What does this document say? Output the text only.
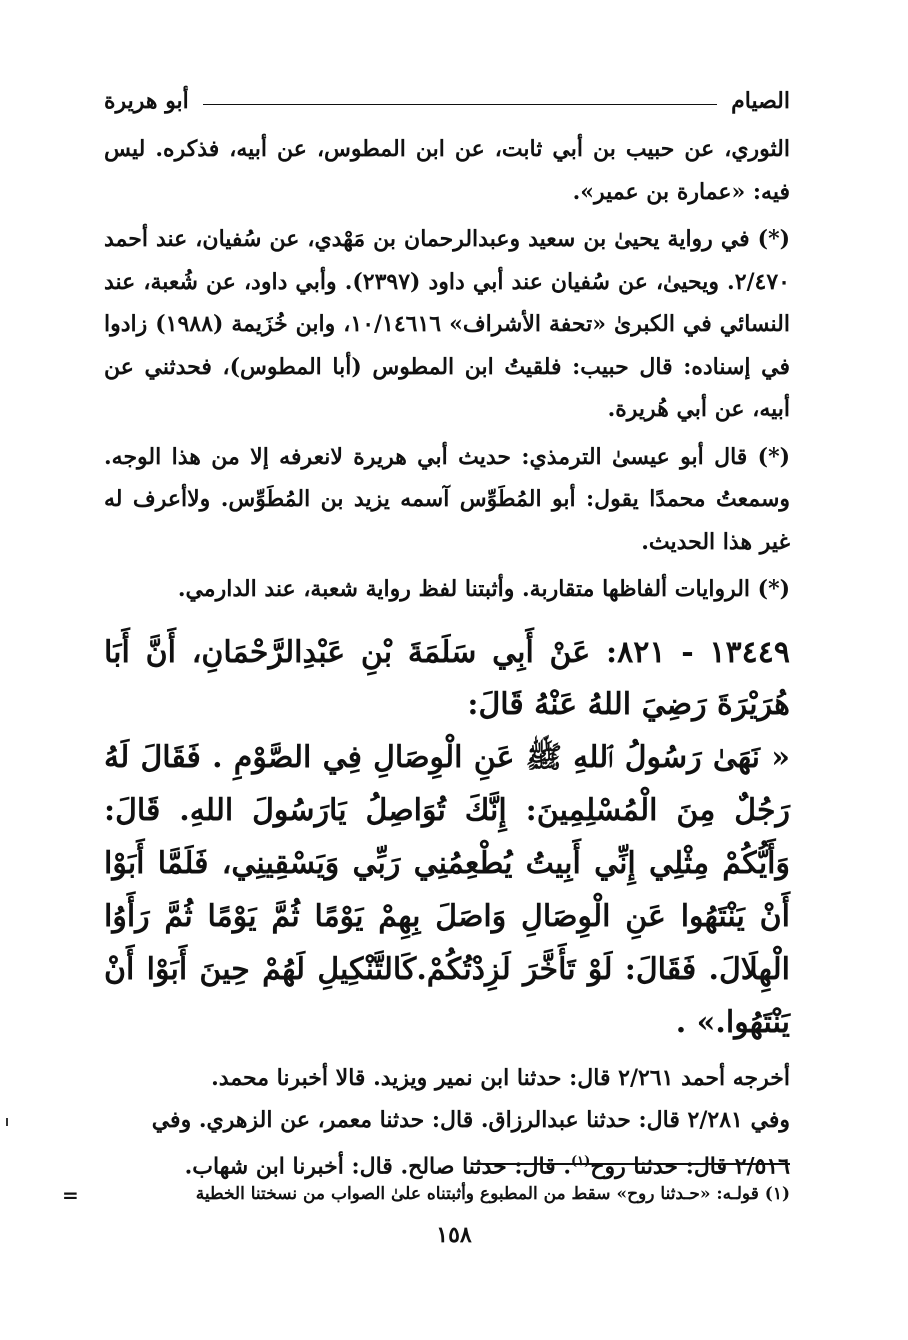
الصيام
أبو هريرة

الثوري، عن حبيب بن أبي ثابت، عن ابن المطوس، عن أبيه، فذكره. ليس فيه: «عمارة بن عمير».

(*) في رواية يحيىٰ بن سعيد وعبدالرحمان بن مَهْدي، عن سُفيان، عند أحمد ٢/٤٧٠. ويحيىٰ، عن سُفيان عند أبي داود (٢٣٩٧). وأبي داود، عن شُعبة، عند النسائي في الكبرىٰ «تحفة الأشراف» ١٠/١٤٦١٦، وابن خُزَيمة (١٩٨٨) زادوا في إسناده: قال حبيب: فلقيتُ ابن المطوس (أبا المطوس)، فحدثني عن أبيه، عن أبي هُريرة.

(*) قال أبو عيسىٰ الترمذي: حديث أبي هريرة لانعرفه إلا من هذا الوجه. وسمعتُ محمدًا يقول: أبو المُطَوِّس آسمه يزيد بن المُطَوِّس. ولاأعرف له غير هذا الحديث.

(*) الروايات ألفاظها متقاربة. وأثبتنا لفظ رواية شعبة، عند الدارمي.

١٣٤٤٩ - ٨٢١: عَنْ أَبِي سَلَمَةَ بْنِ عَبْدِالرَّحْمَانِ، أَنَّ أَبَا هُرَيْرَةَ رَضِيَ اللهُ عَنْهُ قَالَ:

« نَهَىٰ رَسُولُ ٱللهِ ﷺ عَنِ الْوِصَالِ فِي الصَّوْمِ . فَقَالَ لَهُ رَجُلٌ مِنَ الْمُسْلِمِينَ: إِنَّكَ تُوَاصِلُ يَارَسُولَ اللهِ. قَالَ: وَأَيُّكُمْ مِثْلِي إِنِّي أَبِيتُ يُطْعِمُنِي رَبِّي وَيَسْقِينِي، فَلَمَّا أَبَوْا أَنْ يَنْتَهُوا عَنِ الْوِصَالِ وَاصَلَ بِهِمْ يَوْمًا ثُمَّ يَوْمًا ثُمَّ رَأَوُا الْهِلَالَ. فَقَالَ: لَوْ تَأَخَّرَ لَزِدْتُكُمْ.كَالتَّنْكِيلِ لَهُمْ حِينَ أَبَوْا أَنْ يَنْتَهُوا.» .

أخرجه أحمد ٢/٢٦١ قال: حدثنا ابن نمير ويزيد. قالا أخبرنا محمد.
وفي ٢/٢٨١ قال: حدثنا عبدالرزاق. قال: حدثنا معمر، عن الزهري. وفي
٢/٥١٦ قال: حدثنا روح$^{(١)}$. قال: حدثنا صالح. قال: أخبرنا ابن شهاب.
(١) قولـه: «حـدثنا روح» سقط من المطبوع وأثبتناه علىٰ الصواب من نسختنا الخطية
=
١٥٨
